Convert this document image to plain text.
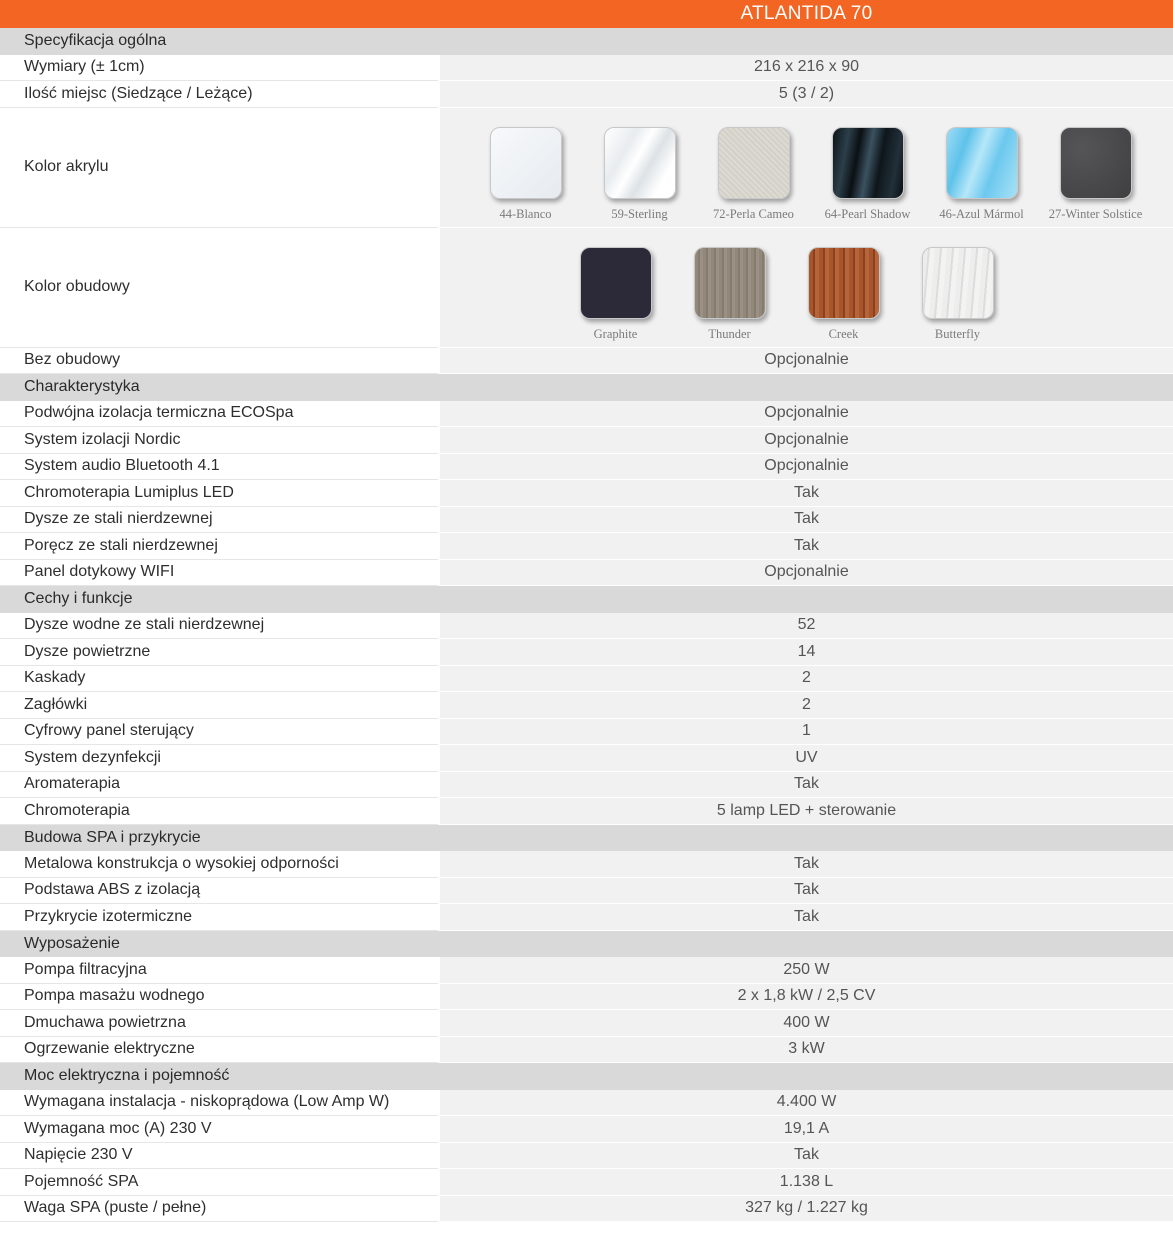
ATLANTIDA 70
Specyfikacja ogólna
Wymiary (± 1cm)	216 x 216 x 90
Ilość miejsc (Siedzące / Leżące)	5 (3 / 2)
Kolor akrylu
44-Blanco	59-Sterling	72-Perla Cameo 64-Pearl Shadow 46-Azul Mármol 27-Winter Solstice
Kolor obudowy
Graphite	Thunder	Creek	Butterfly
Bez obudowy	Opcjonalnie
Charakterystyka
Podwójna izolacja termiczna ECOSpa	Opcjonalnie
System izolacji Nordic	Opcjonalnie
System audio Bluetooth 4.1	Opcjonalnie
Chromoterapia Lumiplus LED	Tak
Dysze ze stali nierdzewnej	Tak
Poręcz ze stali nierdzewnej	Tak
Panel dotykowy WIFI	Opcjonalnie
Cechy i funkcje
Dysze wodne ze stali nierdzewnej	52
Dysze powietrzne	14
Kaskady	2
Zagłówki	2
Cyfrowy panel sterujący	1
System dezynfekcji	UV
Aromaterapia	Tak
Chromoterapia	5 lamp LED + sterowanie
Budowa SPA i przykrycie
Metalowa konstrukcja o wysokiej odporności	Tak
Podstawa ABS z izolacją	Tak
Przykrycie izotermiczne	Tak
Wyposażenie
Pompa filtracyjna	250 W
Pompa masażu wodnego	2 x 1,8 kW / 2,5 CV
Dmuchawa powietrzna	400 W
Ogrzewanie elektryczne	3 kW
Moc elektryczna i pojemność
Wymagana instalacja - niskoprądowa (Low Amp W)	4.400 W
Wymagana moc (A) 230 V	19,1 A
Napięcie 230 V	Tak
Pojemność SPA	1.138 L
Waga SPA (puste / pełne)	327 kg / 1.227 kg
